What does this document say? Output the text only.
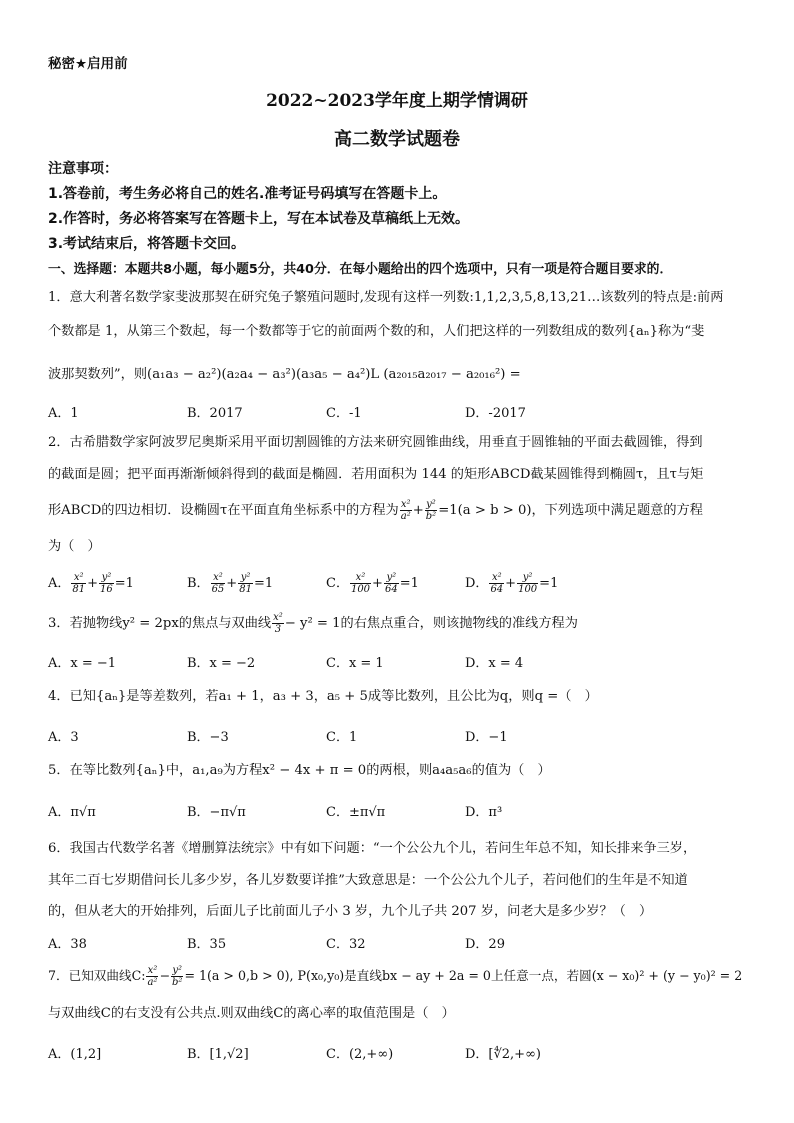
秘密★启用前
2022~2023学年度上期学情调研
高二数学试题卷
注意事项：
1.答卷前，考生务必将自己的姓名.准考证号码填写在答题卡上。
2.作答时，务必将答案写在答题卡上，写在本试卷及草稿纸上无效。
3.考试结束后，将答题卡交回。
一、选择题：本题共8小题，每小题5分，共40分．在每小题给出的四个选项中，只有一项是符合题目要求的．
1．意大利著名数学家斐波那契在研究兔子繁殖问题时,发现有这样一列数:1,1,2,3,5,8,13,21…该数列的特点是:前两
个数都是 1，从第三个数起，每一个数都等于它的前面两个数的和，人们把这样的一列数组成的数列{aₙ}称为“斐
波那契数列”，则(a₁a₃ − a₂²)(a₂a₄ − a₃²)(a₃a₅ − a₄²)L (a₂₀₁₅a₂₀₁₇ − a₂₀₁₆²) =
A．1	B．2017	C．-1	D．-2017
2．古希腊数学家阿波罗尼奥斯采用平面切割圆锥的方法来研究圆锥曲线，用垂直于圆锥轴的平面去截圆锥，得到
的截面是圆；把平面再渐渐倾斜得到的截面是椭圆．若用面积为 144 的矩形ABCD截某圆锥得到椭圆τ，且τ与矩
形ABCD的四边相切．设椭圆τ在平面直角坐标系中的方程为 $\frac{\text{x²}}{\text{a²}} + \frac{\text{y²}}{\text{b²}} =1(a > b > 0)$，下列选项中满足题意的方程
为（　）
A． $\frac{\text{x²}}{81} + \frac{\text{y²}}{16} =1$	B． $\frac{\text{x²}}{65} + \frac{\text{y²}}{81} =1$	C． $\frac{\text{x²}}{100} + \frac{\text{y²}}{64} =1$	D． $\frac{\text{x²}}{64} + \frac{\text{y²}}{100} =1$
3．若抛物线y² = 2px的焦点与双曲线 $\frac{\text{x²}}{3} - y^2 = 1$的右焦点重合，则该抛物线的准线方程为
A．x = −1	B．x = −2	C．x = 1	D．x = 4
4．已知{aₙ}是等差数列，若a₁ + 1，a₃ + 3，a₅ + 5成等比数列，且公比为q，则q =（　）
A．3	B．−3	C．1	D．−1
5．在等比数列{aₙ}中，a₁,a₉为方程x² − 4x + π = 0的两根，则a₄a₅a₆的值为（　）
A．π√π	B．−π√π	C．±π√π	D．π³
6．我国古代数学名著《增删算法统宗》中有如下问题：“一个公公九个儿，若问生年总不知，知长排来争三岁，
其年二百七岁期借问长儿多少岁，各儿岁数要详推”大致意思是：一个公公九个儿子，若问他们的生年是不知道
的，但从老大的开始排列，后面儿子比前面儿子小 3 岁，九个儿子共 207 岁，问老大是多少岁？（　）
A．38	B．35	C．32	D．29
7．已知双曲线C: $\frac{\text{x²}}{\text{a²}} - \frac{\text{y²}}{\text{b²}} = 1(a > 0,b > 0)$, P(x₀,y₀)是直线bx − ay + 2a = 0上任意一点，若圆(x − x₀)² + (y − y₀)² = 2
与双曲线C的右支没有公共点.则双曲线C的离心率的取值范围是（　）
A．(1,2]	B．[1,√2]	C．(2,+∞)	D．[∜2,+∞)
